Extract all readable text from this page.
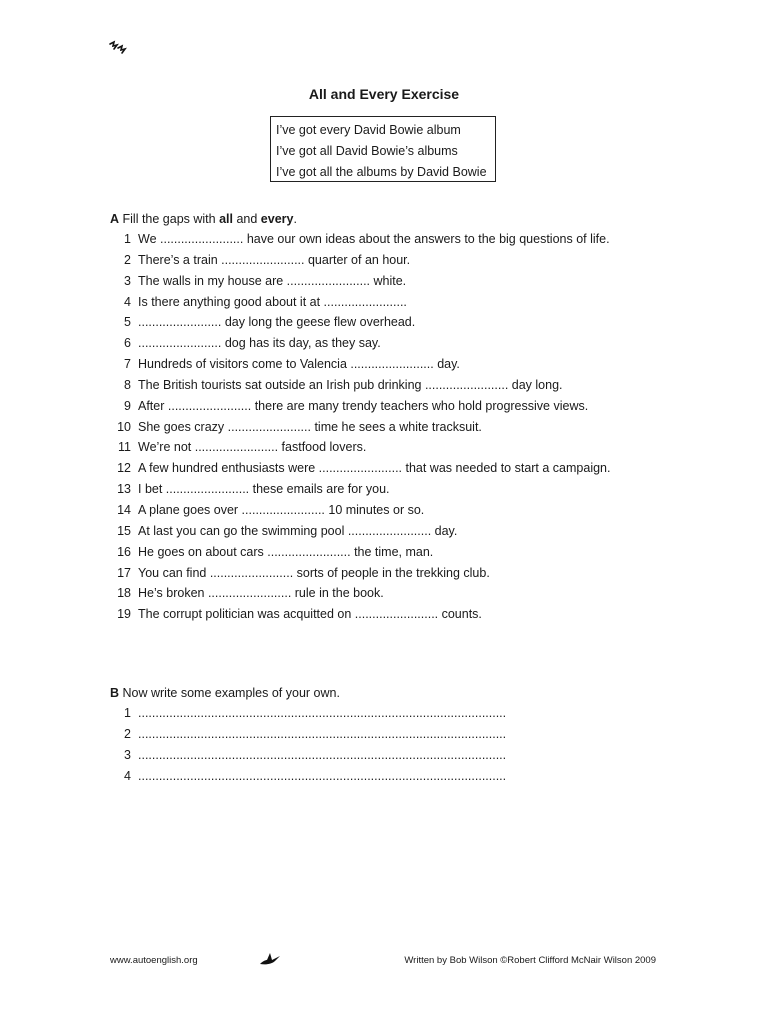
All and Every Exercise
I’ve got every David Bowie album
I’ve got all David Bowie’s albums
I’ve got all the albums by David Bowie
A Fill the gaps with all and every.
1 We ........................ have our own ideas about the answers to the big questions of life.
2 There’s a train ........................ quarter of an hour.
3 The walls in my house are ........................ white.
4 Is there anything good about it at ........................
5 ........................ day long the geese flew overhead.
6 ........................ dog has its day, as they say.
7 Hundreds of visitors come to Valencia ........................ day.
8 The British tourists sat outside an Irish pub drinking ........................ day long.
9 After ........................ there are many trendy teachers who hold progressive views.
10 She goes crazy ........................ time he sees a white tracksuit.
11 We’re not ........................ fastfood lovers.
12 A few hundred enthusiasts were ........................ that was needed to start a campaign.
13 I bet ........................ these emails are for you.
14 A plane goes over ........................ 10 minutes or so.
15 At last you can go the swimming pool ........................ day.
16 He goes on about cars ........................ the time, man.
17 You can find ........................ sorts of people in the trekking club.
18 He’s broken ........................ rule in the book.
19 The corrupt politician was acquitted on ........................ counts.
B Now write some examples of your own.
1 ..........................................................................................................
2 ..........................................................................................................
3 ..........................................................................................................
4 ..........................................................................................................
www.autoenglish.org	Written by Bob Wilson ©Robert Clifford McNair Wilson 2009
